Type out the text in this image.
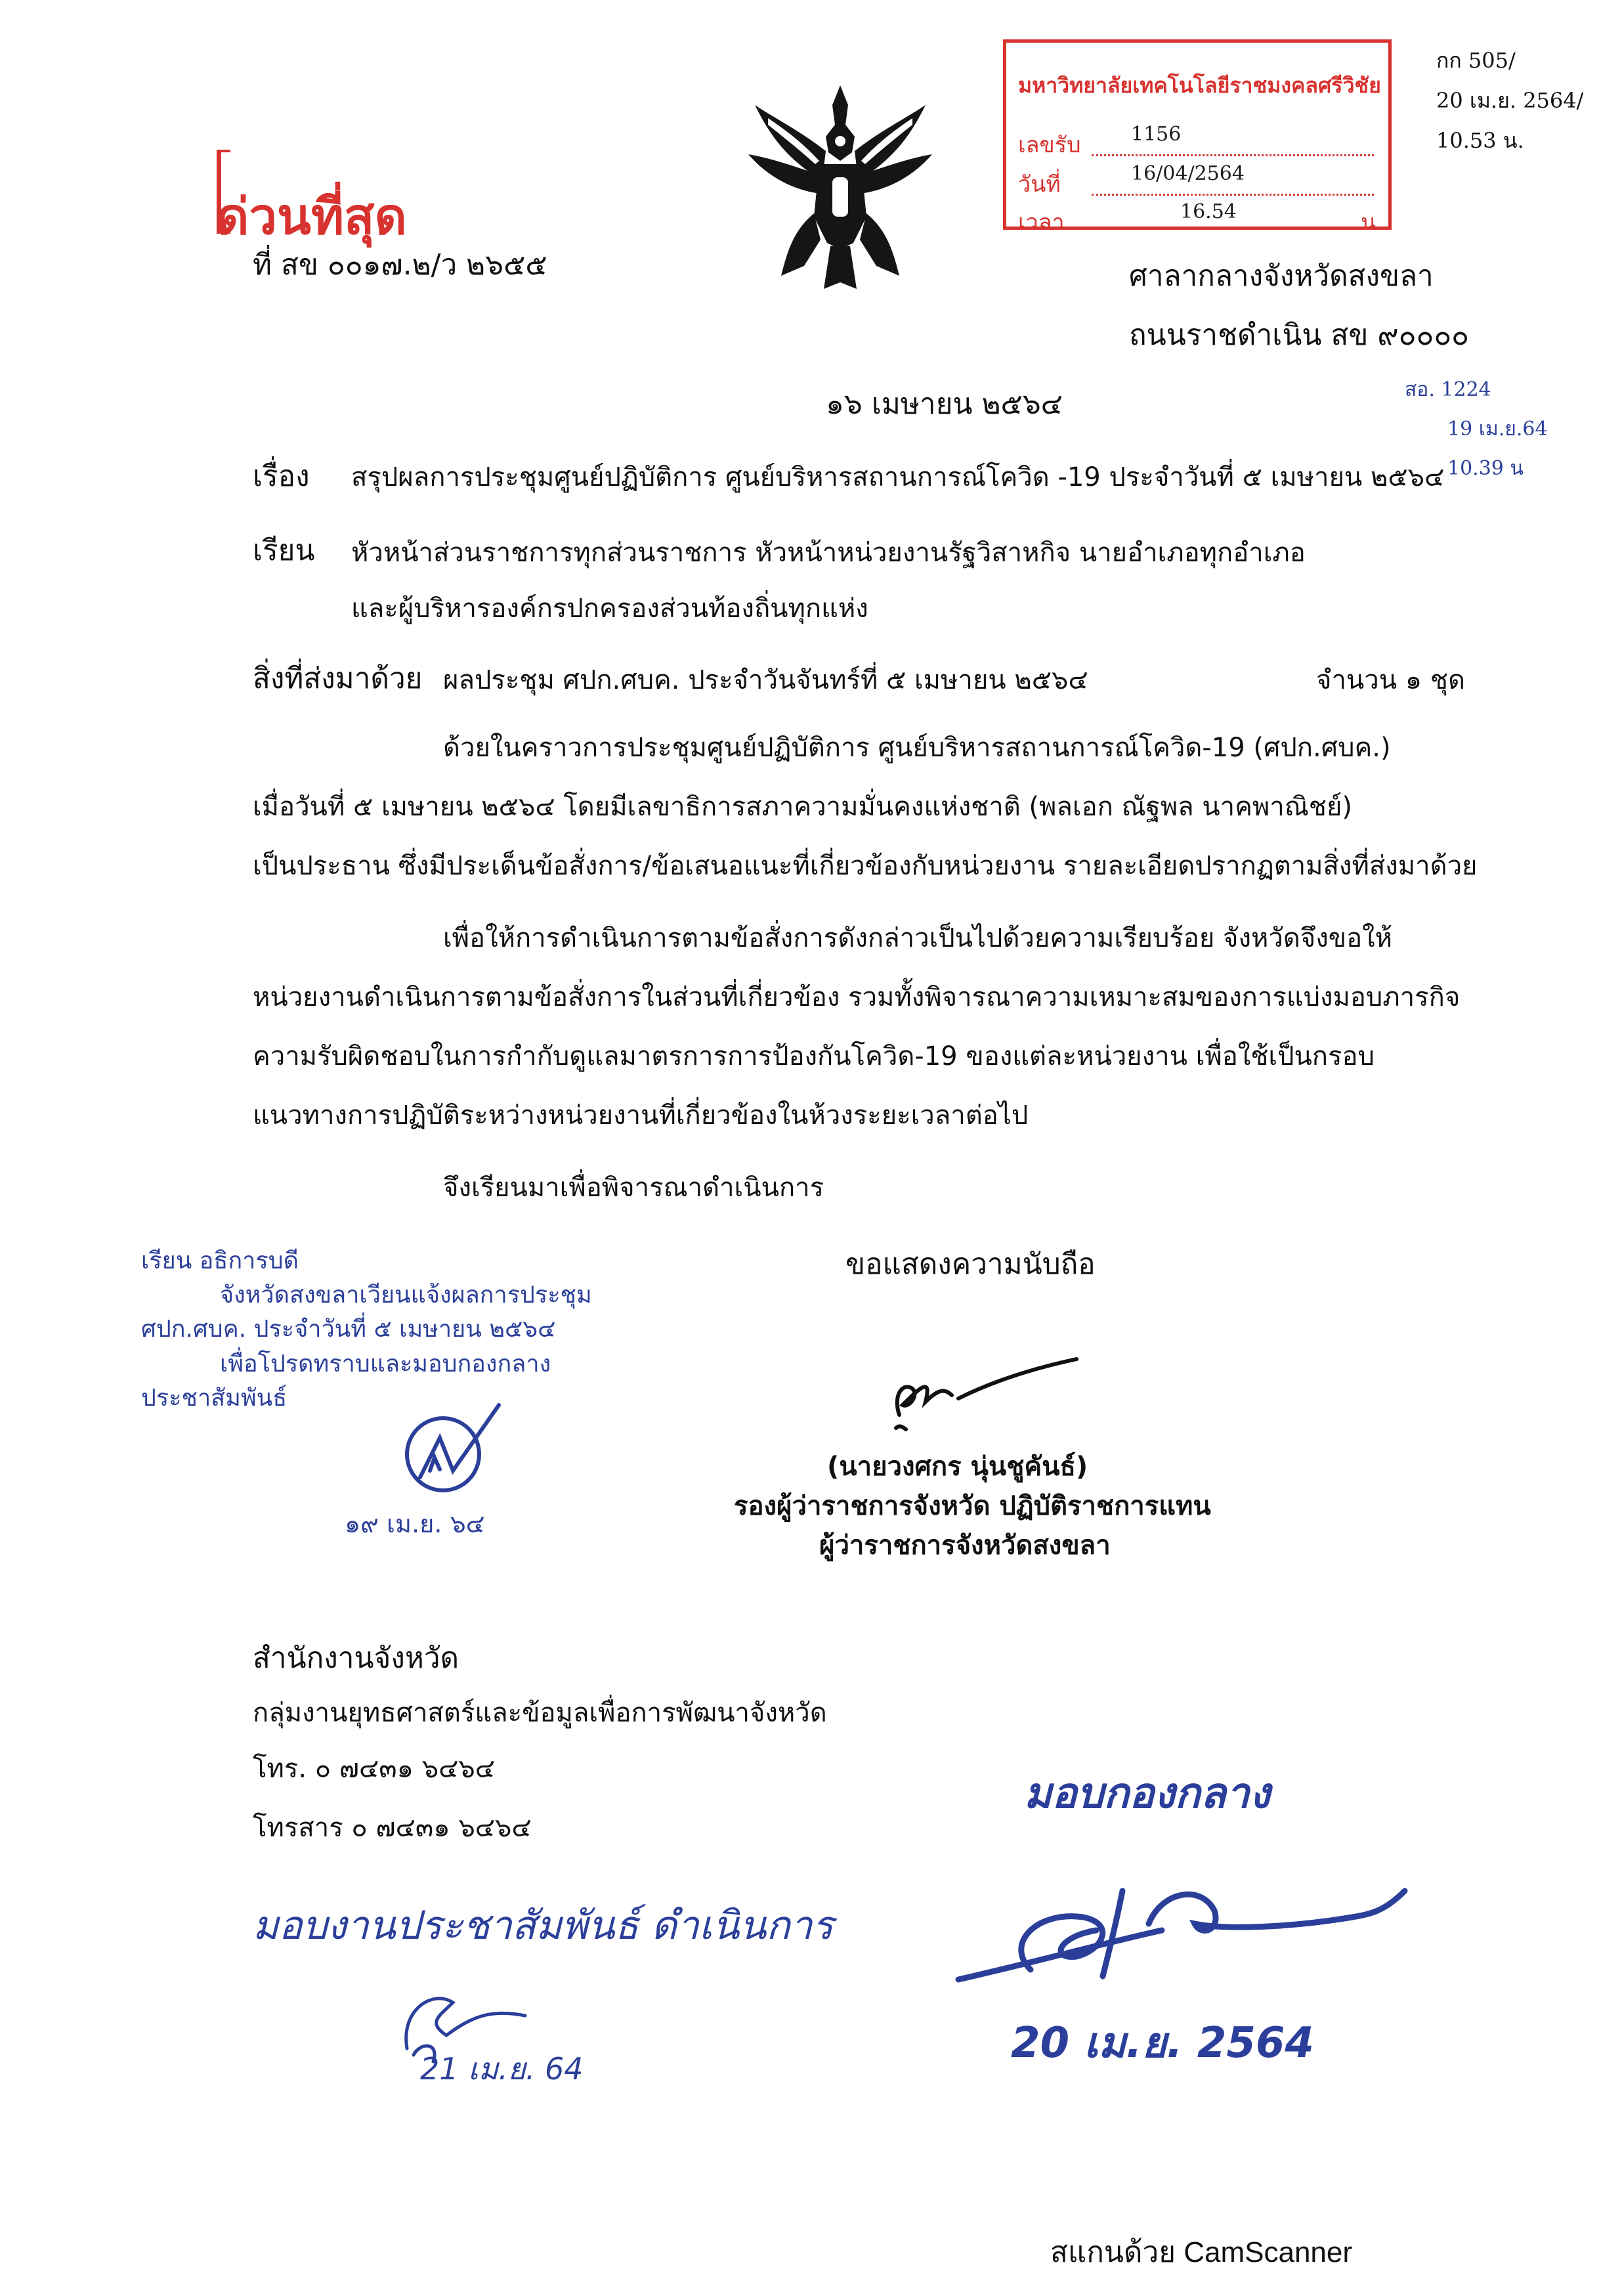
มหาวิทยาลัยเทคโนโลยีราชมงคลศรีวิชัย
เลขรับ	1156
วันที่	16/04/2564
เวลา	16.54	น.
กก 505/
20 เม.ย. 2564/
10.53 น.
ด่วนที่สุด
ที่ สข ๐๐๑๗.๒/ว ๒๖๕๕	ศาลากลางจังหวัดสงขลา
ถนนราชดำเนิน สข ๙๐๐๐๐
๑๖ เมษายน ๒๕๖๔	สอ. 1224
19 เม.ย.64
10.39 น
เรื่อง สรุปผลการประชุมศูนย์ปฏิบัติการ ศูนย์บริหารสถานการณ์โควิด -19 ประจำวันที่ ๕ เมษายน ๒๕๖๔
เรียน หัวหน้าส่วนราชการทุกส่วนราชการ หัวหน้าหน่วยงานรัฐวิสาหกิจ นายอำเภอทุกอำเภอ
และผู้บริหารองค์กรปกครองส่วนท้องถิ่นทุกแห่ง
สิ่งที่ส่งมาด้วย ผลประชุม ศปก.ศบค. ประจำวันจันทร์ที่ ๕ เมษายน ๒๕๖๔	จำนวน ๑ ชุด
ด้วยในคราวการประชุมศูนย์ปฏิบัติการ ศูนย์บริหารสถานการณ์โควิด-19 (ศปก.ศบค.)
เมื่อวันที่ ๕ เมษายน ๒๕๖๔ โดยมีเลขาธิการสภาความมั่นคงแห่งชาติ (พลเอก ณัฐพล นาคพาณิชย์)
เป็นประธาน ซึ่งมีประเด็นข้อสั่งการ/ข้อเสนอแนะที่เกี่ยวข้องกับหน่วยงาน รายละเอียดปรากฏตามสิ่งที่ส่งมาด้วย
เพื่อให้การดำเนินการตามข้อสั่งการดังกล่าวเป็นไปด้วยความเรียบร้อย จังหวัดจึงขอให้
หน่วยงานดำเนินการตามข้อสั่งการในส่วนที่เกี่ยวข้อง รวมทั้งพิจารณาความเหมาะสมของการแบ่งมอบภารกิจ
ความรับผิดชอบในการกำกับดูแลมาตรการการป้องกันโควิด-19 ของแต่ละหน่วยงาน เพื่อใช้เป็นกรอบ
แนวทางการปฏิบัติระหว่างหน่วยงานที่เกี่ยวข้องในห้วงระยะเวลาต่อไป
จึงเรียนมาเพื่อพิจารณาดำเนินการ
เรียน อธิการบดี
จังหวัดสงขลาเวียนแจ้งผลการประชุม
ศปก.ศบค. ประจำวันที่ ๕ เมษายน ๒๕๖๔
เพื่อโปรดทราบและมอบกองกลาง
ประชาสัมพันธ์
๑๙ เม.ย. ๖๔
ขอแสดงความนับถือ
(นายวงศกร นุ่นชูคันธ์)
รองผู้ว่าราชการจังหวัด ปฏิบัติราชการแทน
ผู้ว่าราชการจังหวัดสงขลา
สำนักงานจังหวัด
กลุ่มงานยุทธศาสตร์และข้อมูลเพื่อการพัฒนาจังหวัด
โทร. ๐ ๗๔๓๑ ๖๔๖๔
โทรสาร ๐ ๗๔๓๑ ๖๔๖๔
มอบกองกลาง
20 เม.ย. 2564
มอบงานประชาสัมพันธ์ ดำเนินการ
21 เม.ย. 64
สแกนด้วย CamScanner
